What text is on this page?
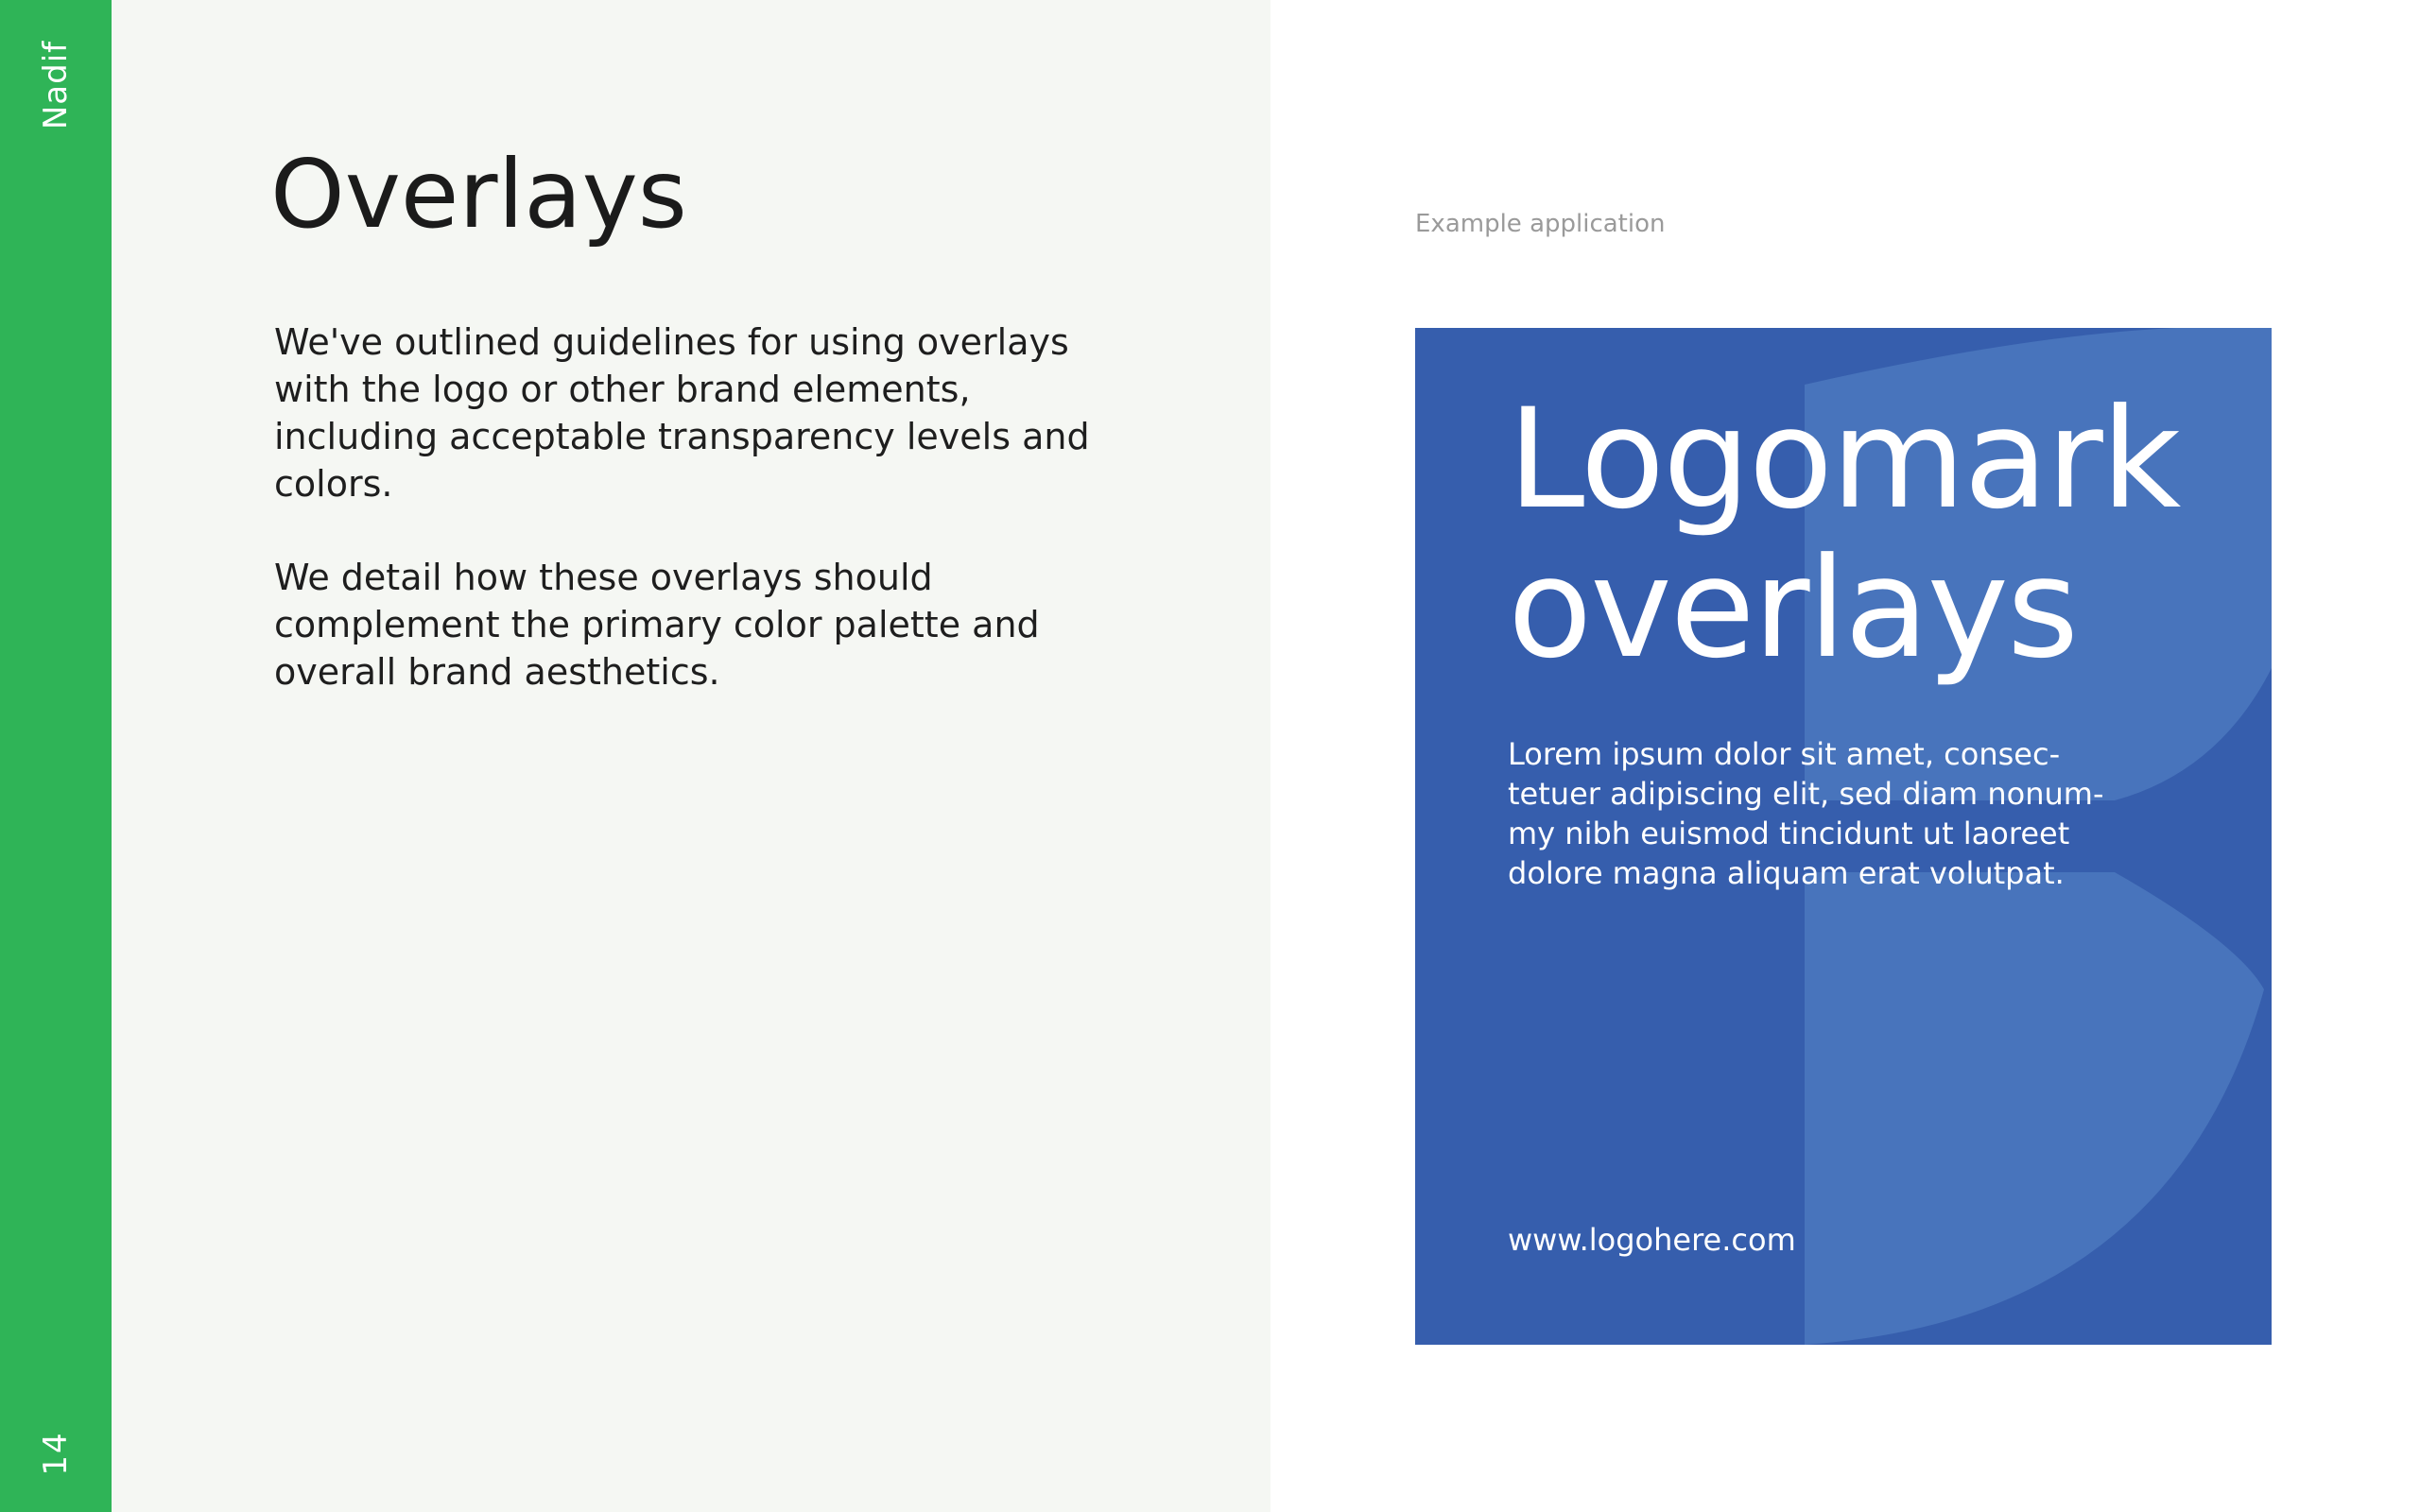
Nadif
14
Overlays

We've outlined guidelines for using overlays with the logo or other brand elements, including acceptable transparency levels and colors.

We detail how these overlays should complement the primary color palette and overall brand aesthetics.

Example application

Logomark
overlays

Lorem ipsum dolor sit amet, consec-tetuer adipiscing elit, sed diam nonum-my nibh euismod tincidunt ut laoreet dolore magna aliquam erat volutpat.

www.logohere.com
